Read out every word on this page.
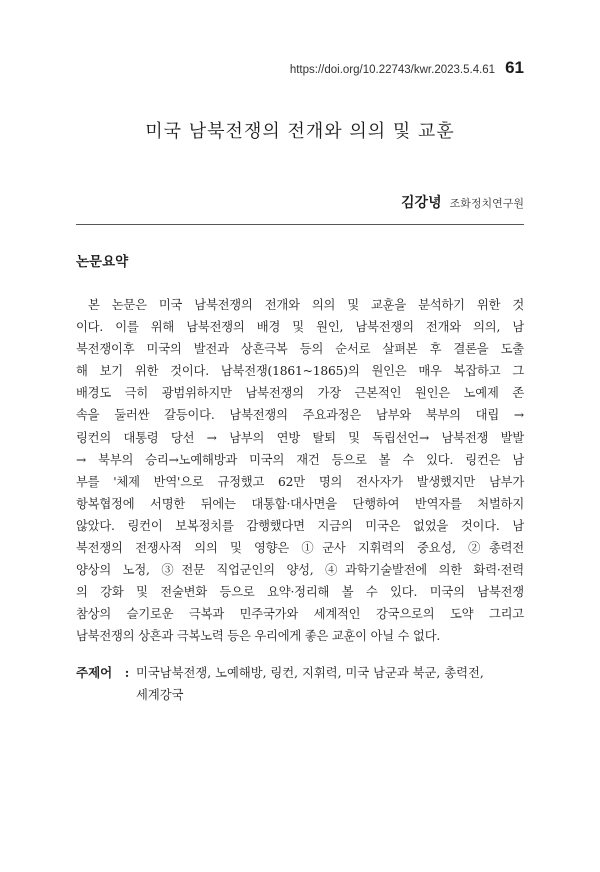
https://doi.org/10.22743/kwr.2023.5.4.61 61
미국 남북전쟁의 전개와 의의 및 교훈
김강녕 조화정치연구원
논문요약
본 논문은 미국 남북전쟁의 전개와 의의 및 교훈을 분석하기 위한 것
이다. 이를 위해 남북전쟁의 배경 및 원인, 남북전쟁의 전개와 의의, 남
북전쟁이후 미국의 발전과 상흔극복 등의 순서로 살펴본 후 결론을 도출
해 보기 위한 것이다. 남북전쟁(1861~1865)의 원인은 매우 복잡하고 그
배경도 극히 광범위하지만 남북전쟁의 가장 근본적인 원인은 노예제 존
속을 둘러싼 갈등이다. 남북전쟁의 주요과정은 남부와 북부의 대립 →
링컨의 대통령 당선 → 남부의 연방 탈퇴 및 독립선언→ 남북전쟁 발발
→ 북부의 승리→노예해방과 미국의 재건 등으로 볼 수 있다. 링컨은 남
부를 '체제 반역'으로 규정했고 62만 명의 전사자가 발생했지만 남부가
항복협정에 서명한 뒤에는 대통합·대사면을 단행하여 반역자를 처벌하지
않았다. 링컨이 보복정치를 감행했다면 지금의 미국은 없었을 것이다. 남
북전쟁의 전쟁사적 의의 및 영향은 ①군사 지휘력의 중요성, ②총력전
양상의 노정, ③전문 직업군인의 양성, ④과학기술발전에 의한 화력·전력
의 강화 및 전술변화 등으로 요약·정리해 볼 수 있다. 미국의 남북전쟁
참상의 슬기로운 극복과 민주국가와 세계적인 강국으로의 도약 그리고
남북전쟁의 상흔과 극복노력 등은 우리에게 좋은 교훈이 아닐 수 없다.
주제어	: 미국남북전쟁, 노예해방, 링컨, 지휘력, 미국 남군과 북군, 총력전,
세계강국
